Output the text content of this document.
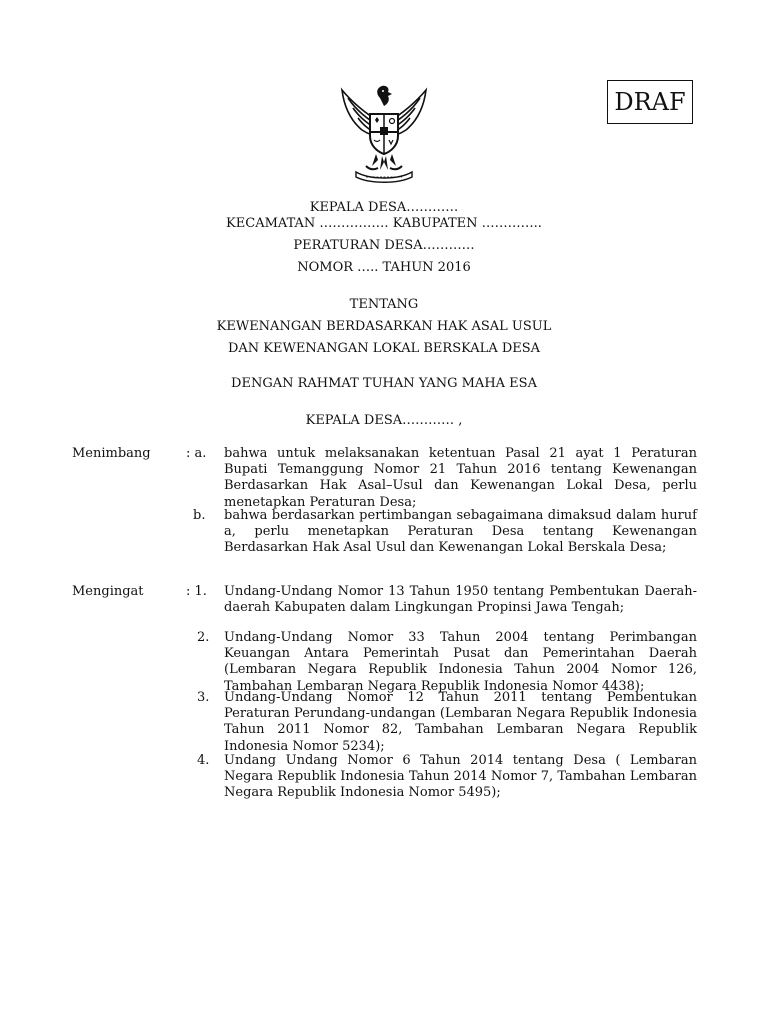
DRAF
KEPALA DESA…………
KECAMATAN ……………. KABUPATEN …………..
PERATURAN DESA…………
NOMOR ….. TAHUN 2016
TENTANG
KEWENANGAN BERDASARKAN HAK ASAL USUL
DAN KEWENANGAN LOKAL BERSKALA DESA
DENGAN RAHMAT TUHAN YANG MAHA ESA
KEPALA DESA………… ,
Menimbang	: a. bahwa untuk melaksanakan ketentuan Pasal 21 ayat 1 Peraturan Bupati Temanggung Nomor 21 Tahun 2016 tentang Kewenangan Berdasarkan Hak Asal–Usul dan Kewenangan Lokal Desa, perlu menetapkan Peraturan Desa;
b. bahwa berdasarkan pertimbangan sebagaimana dimaksud dalam huruf a, perlu menetapkan Peraturan Desa tentang Kewenangan Berdasarkan Hak Asal Usul dan Kewenangan Lokal Berskala Desa;
Mengingat	: 1. Undang-Undang Nomor 13 Tahun 1950 tentang Pembentukan Daerah-daerah Kabupaten dalam Lingkungan Propinsi Jawa Tengah;
2. Undang-Undang Nomor 33 Tahun 2004 tentang Perimbangan Keuangan Antara Pemerintah Pusat dan Pemerintahan Daerah (Lembaran Negara Republik Indonesia Tahun 2004 Nomor 126, Tambahan Lembaran Negara Republik Indonesia Nomor 4438);
3. Undang-Undang Nomor 12 Tahun 2011 tentang Pembentukan Peraturan Perundang-undangan (Lembaran Negara Republik Indonesia Tahun 2011 Nomor 82, Tambahan Lembaran Negara Republik Indonesia Nomor 5234);
4. Undang Undang Nomor 6 Tahun 2014 tentang Desa ( Lembaran Negara Republik Indonesia Tahun 2014 Nomor 7, Tambahan Lembaran Negara Republik Indonesia Nomor 5495);
